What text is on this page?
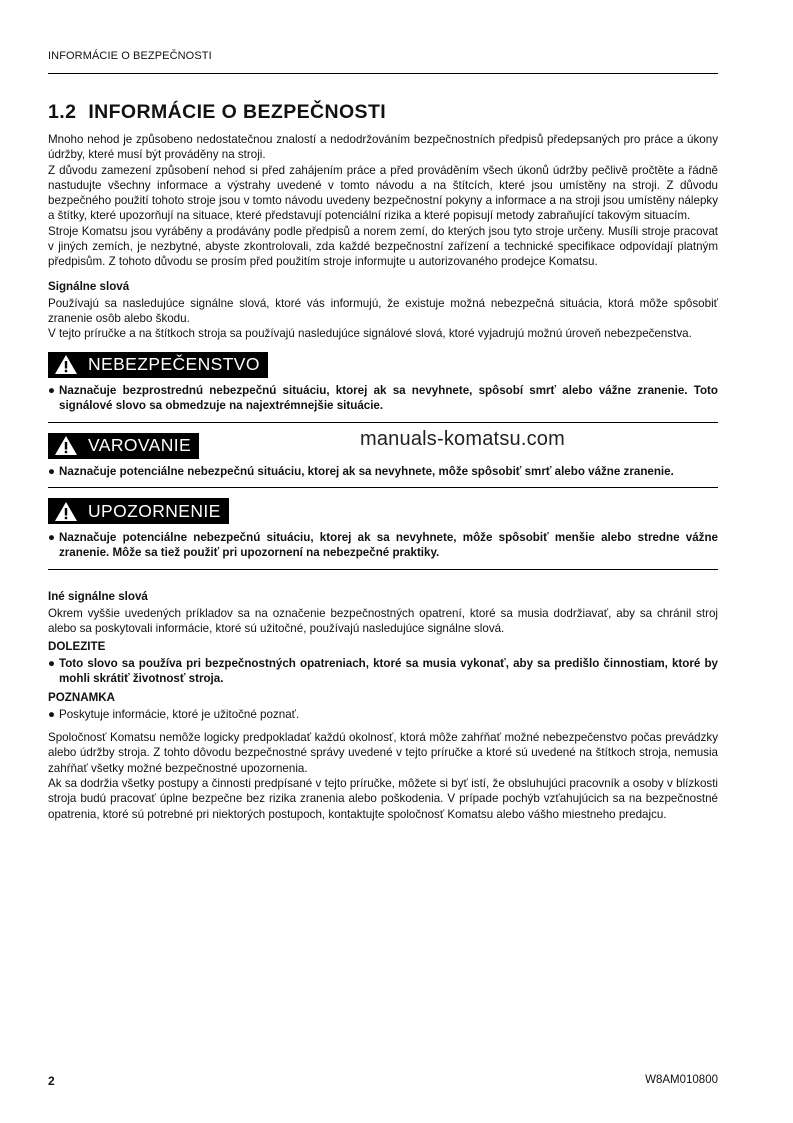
INFORMÁCIE O BEZPEČNOSTI
1.2 INFORMÁCIE O BEZPEČNOSTI

Mnoho nehod je způsobeno nedostatečnou znalostí a nedodržováním bezpečnostních předpisů předepsaných pro práce a úkony údržby, které musí být prováděny na stroji.

Z důvodu zamezení způsobení nehod si před zahájením práce a před prováděním všech úkonů údržby pečlivě pročtěte a řádně nastudujte všechny informace a výstrahy uvedené v tomto návodu a na štítcích, které jsou umístěny na stroji. Z důvodu bezpečného použití tohoto stroje jsou v tomto návodu uvedeny bezpečnostní pokyny a informace a na stroji jsou umístěny nálepky a štítky, které upozorňují na situace, které představují potenciální rizika a které popisují metody zabraňující takovým situacím.

Stroje Komatsu jsou vyráběny a prodávány podle předpisů a norem zemí, do kterých jsou tyto stroje určeny. Musíli stroje pracovat v jiných zemích, je nezbytné, abyste zkontrolovali, zda každé bezpečnostní zařízení a technické specifikace odpovídají platným předpisům. Z tohoto důvodu se prosím před použitím stroje informujte u autorizovaného prodejce Komatsu.

Signálne slová

Používajú sa nasledujúce signálne slová, ktoré vás informujú, že existuje možná nebezpečná situácia, ktorá môže spôsobiť zranenie osôb alebo škodu.

V tejto príručke a na štítkoch stroja sa používajú nasledujúce signálové slová, ktoré vyjadrujú možnú úroveň nebezpečenstva.

NEBEZPEČENSTVO
● Naznačuje bezprostrednú nebezpečnú situáciu, ktorej ak sa nevyhnete, spôsobí smrť alebo vážne zranenie. Toto signálové slovo sa obmedzuje na najextrémnejšie situácie.
VAROVANIE
● Naznačuje potenciálne nebezpečnú situáciu, ktorej ak sa nevyhnete, môže spôsobiť smrť alebo vážne zranenie.
UPOZORNENIE
● Naznačuje potenciálne nebezpečnú situáciu, ktorej ak sa nevyhnete, môže spôsobiť menšie alebo stredne vážne zranenie. Môže sa tiež použiť pri upozornení na nebezpečné praktiky.
Iné signálne slová

Okrem vyššie uvedených príkladov sa na označenie bezpečnostných opatrení, ktoré sa musia dodržiavať, aby sa chránil stroj alebo sa poskytovali informácie, ktoré sú užitočné, používajú nasledujúce signálne slová.

DOLEZITE
● Toto slovo sa používa pri bezpečnostných opatreniach, ktoré sa musia vykonať, aby sa predišlo činnostiam, ktoré by mohli skrátiť životnosť stroja.
POZNAMKA
● Poskytuje informácie, ktoré je užitočné poznať.

Spoločnosť Komatsu nemôže logicky predpokladať každú okolnosť, ktorá môže zahŕňať možné nebezpečenstvo počas prevádzky alebo údržby stroja. Z tohto dôvodu bezpečnostné správy uvedené v tejto príručke a ktoré sú uvedené na štítkoch stroja, nemusia zahŕňať všetky možné bezpečnostné upozornenia.

Ak sa dodržia všetky postupy a činnosti predpísané v tejto príručke, môžete si byť istí, že obsluhujúci pracovník a osoby v blízkosti stroja budú pracovať úplne bezpečne bez rizika zranenia alebo poškodenia. V prípade pochýb vzťahujúcich sa na bezpečnostné opatrenia, ktoré sú potrebné pri niektorých postupoch, kontaktujte spoločnosť Komatsu alebo vášho miestneho predajcu.

2	W8AM010800
manuals-komatsu.com
